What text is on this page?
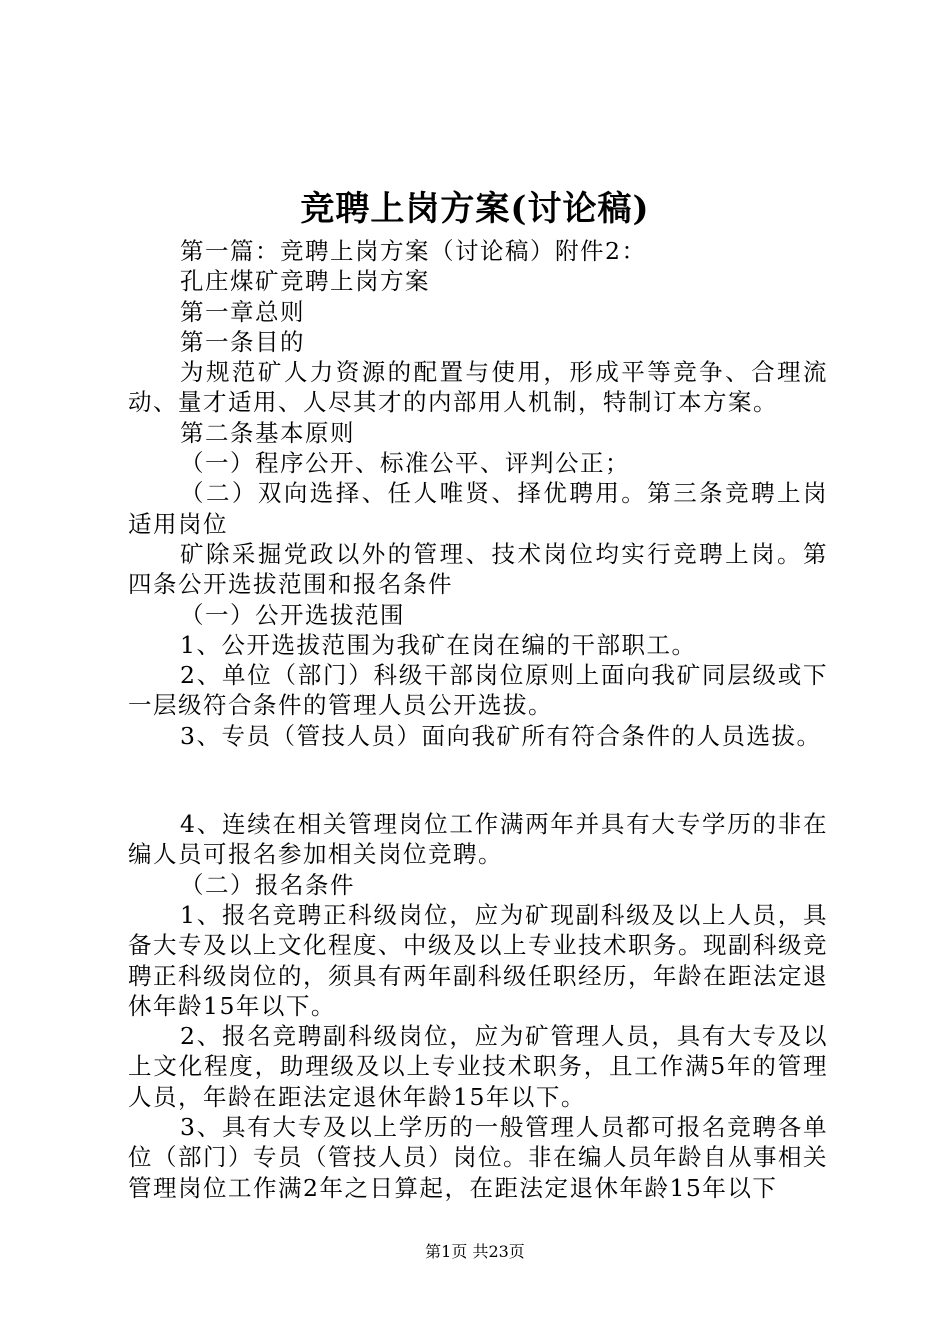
竞聘上岗方案(讨论稿)

第一篇：竞聘上岗方案（讨论稿）附件2：

孔庄煤矿竞聘上岗方案

第一章总则

第一条目的

为规范矿人力资源的配置与使用，形成平等竞争、合理流动、量才适用、人尽其才的内部用人机制，特制订本方案。

第二条基本原则

（一）程序公开、标准公平、评判公正；

（二）双向选择、任人唯贤、择优聘用。第三条竞聘上岗适用岗位

矿除采掘党政以外的管理、技术岗位均实行竞聘上岗。第四条公开选拔范围和报名条件

（一）公开选拔范围

1、公开选拔范围为我矿在岗在编的干部职工。

2、单位（部门）科级干部岗位原则上面向我矿同层级或下一层级符合条件的管理人员公开选拔。

3、专员（管技人员）面向我矿所有符合条件的人员选拔。

4、连续在相关管理岗位工作满两年并具有大专学历的非在编人员可报名参加相关岗位竞聘。

（二）报名条件

1、报名竞聘正科级岗位，应为矿现副科级及以上人员，具备大专及以上文化程度、中级及以上专业技术职务。现副科级竞聘正科级岗位的，须具有两年副科级任职经历，年龄在距法定退休年龄15年以下。

2、报名竞聘副科级岗位，应为矿管理人员，具有大专及以上文化程度，助理级及以上专业技术职务，且工作满5年的管理人员，年龄在距法定退休年龄15年以下。

3、具有大专及以上学历的一般管理人员都可报名竞聘各单位（部门）专员（管技人员）岗位。非在编人员年龄自从事相关管理岗位工作满2年之日算起，在距法定退休年龄15年以下

第1页 共23页
